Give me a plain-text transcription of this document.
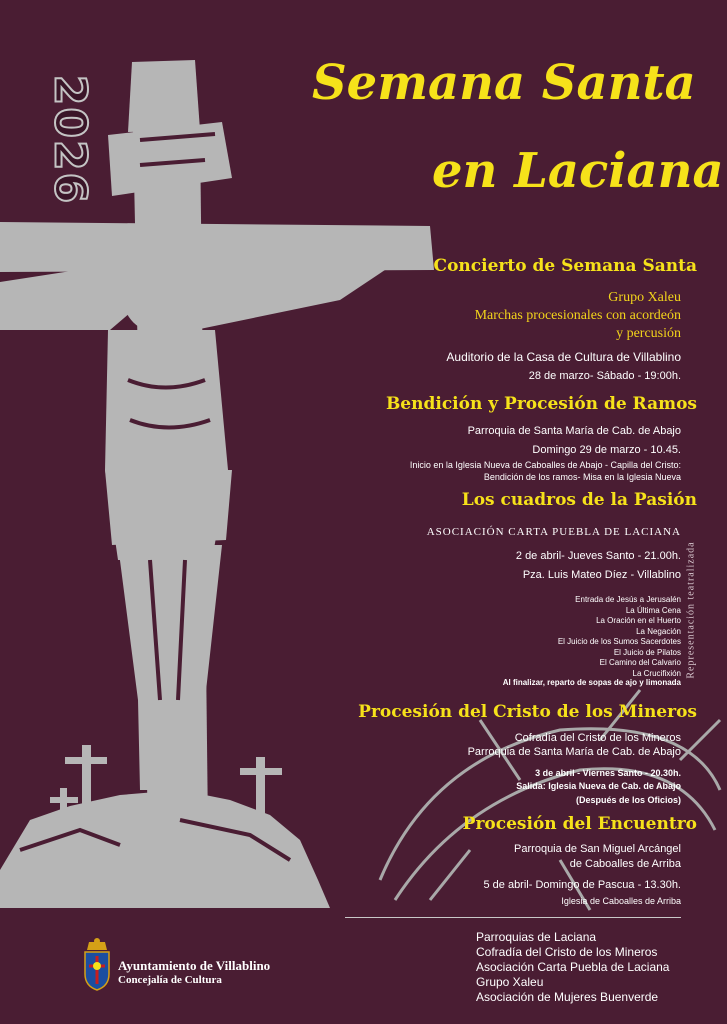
2026	Semana Santa
en Laciana
Concierto de Semana Santa
Grupo Xaleu
Marchas procesionales con acordeón
y percusión
Auditorio de la Casa de Cultura de Villablino
28 de marzo- Sábado - 19:00h.
Bendición y Procesión de Ramos
Parroquia de Santa María de Cab. de Abajo
Domingo 29 de marzo - 10.45.
Inicio en la Iglesia Nueva de Caboalles de Abajo - Capilla del Cristo:
Bendición de los ramos- Misa en la Iglesia Nueva
Los cuadros de la Pasión
ASOCIACIÓN CARTA PUEBLA DE LACIANA
2 de abril- Jueves Santo - 21.00h.
Pza. Luis Mateo Díez - Villablino
Entrada de Jesús a Jerusalén
La Última Cena
La Oración en el Huerto
La Negación
El Juicio de los Sumos Sacerdotes
El Juicio de Pilatos
El Camino del Calvario
La Crucifixión
Al finalizar, reparto de sopas de ajo y limonada
Representación teatralizada
Procesión del Cristo de los Mineros
Cofradía del Cristo de los Mineros
Parroquia de Santa María de Cab. de Abajo
3 de abril - Viernes Santo - 20.30h.
Salida: Iglesia Nueva de Cab. de Abajo
(Después de los Oficios)
Procesión del Encuentro
Parroquia de San Miguel Arcángel
de Caboalles de Arriba
5 de abril- Domingo de Pascua - 13.30h.
Iglesia de Caboalles de Arriba
Parroquias de Laciana
Cofradía del Cristo de los Mineros
Asociación Carta Puebla de Laciana
Grupo Xaleu
Asociación de Mujeres Buenverde
Ayuntamiento de Villablino
Concejalía de Cultura
